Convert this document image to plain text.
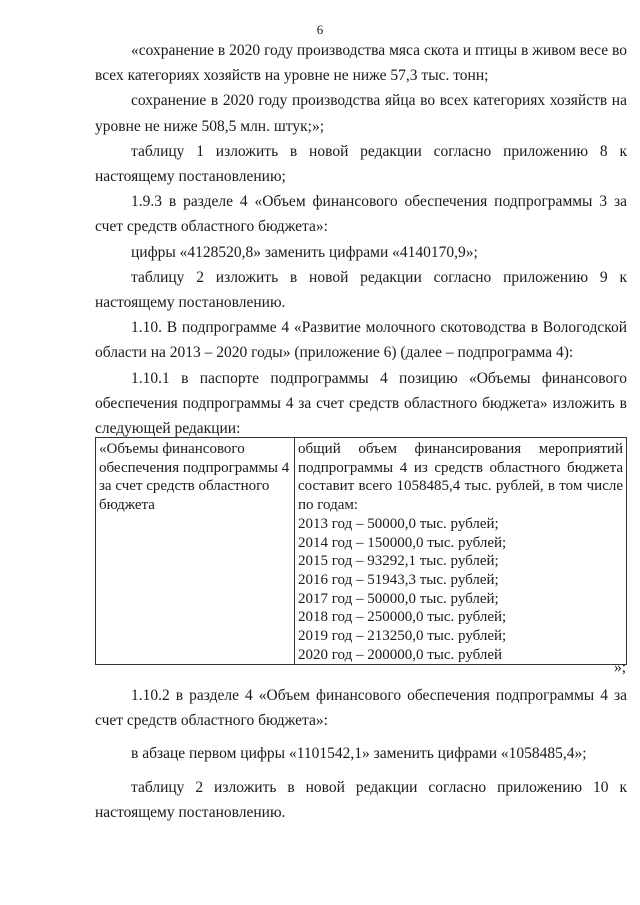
6

«сохранение в 2020 году производства мяса скота и птицы в живом весе во всех категориях хозяйств на уровне не ниже 57,3 тыс. тонн;

сохранение в 2020 году производства яйца во всех категориях хозяйств на уровне не ниже 508,5 млн. штук;»;

таблицу 1 изложить в новой редакции согласно приложению 8 к настоящему постановлению;

1.9.3 в разделе 4 «Объем финансового обеспечения подпрограммы 3 за счет средств областного бюджета»:

цифры «4128520,8» заменить цифрами «4140170,9»;

таблицу 2 изложить в новой редакции согласно приложению 9 к настоящему постановлению.

1.10. В подпрограмме 4 «Развитие молочного скотоводства в Вологодской области на 2013 – 2020 годы» (приложение 6) (далее – подпрограмма 4):

1.10.1 в паспорте подпрограммы 4 позицию «Объемы финансового обеспечения подпрограммы 4 за счет средств областного бюджета» изложить в следующей редакции:

«Объемы финансового обеспечения подпрограммы 4 за счет средств областного бюджета	общий объем финансирования мероприятий подпрограммы 4 из средств областного бюджета составит всего 1058485,4 тыс. рублей, в том числе по годам:
2013 год – 50000,0 тыс. рублей;
2014 год – 150000,0 тыс. рублей;
2015 год – 93292,1 тыс. рублей;
2016 год – 51943,3 тыс. рублей;
2017 год – 50000,0 тыс. рублей;
2018 год – 250000,0 тыс. рублей;
2019 год – 213250,0 тыс. рублей;
2020 год – 200000,0 тыс. рублей
»;

1.10.2 в разделе 4 «Объем финансового обеспечения подпрограммы 4 за счет средств областного бюджета»:

в абзаце первом цифры «1101542,1» заменить цифрами «1058485,4»;

таблицу 2 изложить в новой редакции согласно приложению 10 к настоящему постановлению.
